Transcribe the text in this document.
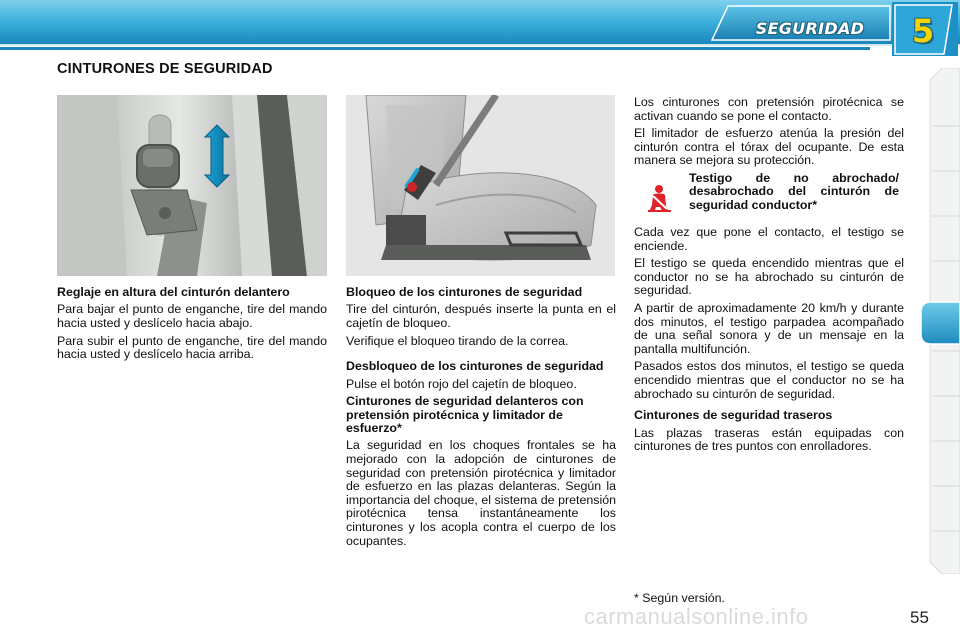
SEGURIDAD	5
CINTURONES DE SEGURIDAD
Reglaje en altura del cinturón delantero

Para bajar el punto de enganche, tire del mando hacia usted y deslícelo hacia abajo.

Para subir el punto de enganche, tire del mando hacia usted y deslícelo hacia arriba.

Bloqueo de los cinturones de seguridad

Tire del cinturón, después inserte la punta en el cajetín de bloqueo.

Verifique el bloqueo tirando de la correa.

Desbloqueo de los cinturones de seguridad

Pulse el botón rojo del cajetín de bloqueo.

Cinturones de seguridad delanteros con pretensión pirotécnica y limitador de esfuerzo*

La seguridad en los choques frontales se ha mejorado con la adopción de cinturones de seguridad con pretensión pirotécnica y limitador de esfuerzo en las plazas delanteras. Según la importancia del choque, el sistema de pretensión pirotécnica tensa instantáneamente los cinturones y los acopla contra el cuerpo de los ocupantes.

Los cinturones con pretensión pirotécnica se activan cuando se pone el contacto.

El limitador de esfuerzo atenúa la presión del cinturón contra el tórax del ocupante. De esta manera se mejora su protección.

Testigo de no abrochado/ desabrochado del cinturón de seguridad conductor*

Cada vez que pone el contacto, el testigo se enciende.

El testigo se queda encendido mientras que el conductor no se ha abrochado su cinturón de seguridad.

A partir de aproximadamente 20 km/h y durante dos minutos, el testigo parpadea acompañado de una señal sonora y de un mensaje en la pantalla multifunción.

Pasados estos dos minutos, el testigo se queda encendido mientras que el conductor no se ha abrochado su cinturón de seguridad.

Cinturones de seguridad traseros

Las plazas traseras están equipadas con cinturones de tres puntos con enrolladores.

* Según versión.
55
carmanualsonline.info
